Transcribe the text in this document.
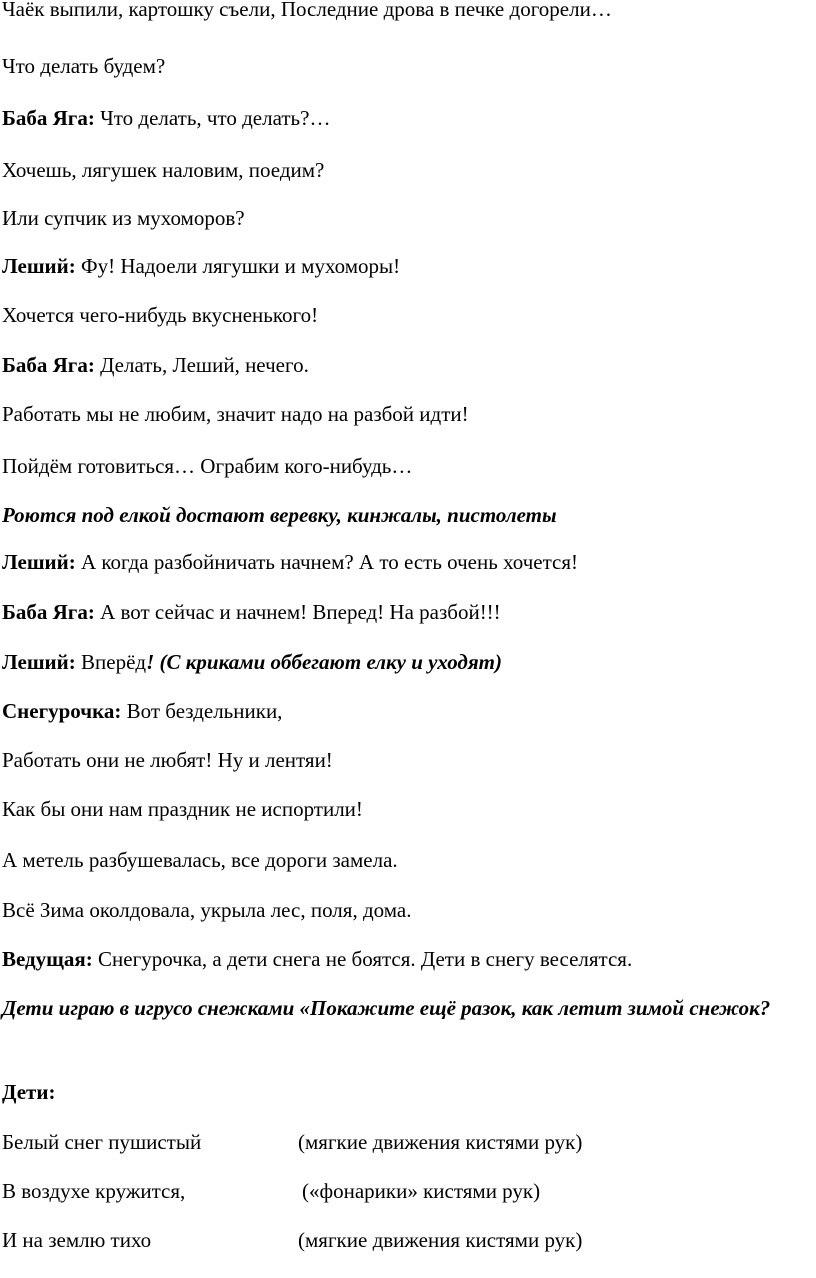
Чаёк выпили, картошку съели, Последние дрова в печке догорели…
Что делать будем?
Баба Яга: Что делать, что делать?…
Хочешь, лягушек наловим, поедим?
Или супчик из мухоморов?
Леший: Фу! Надоели лягушки и мухоморы!
Хочется чего-нибудь вкусненького!
Баба Яга: Делать, Леший, нечего.
Работать мы не любим, значит надо на разбой идти!
Пойдём готовиться… Ограбим кого-нибудь…
Роются под елкой достают веревку, кинжалы, пистолеты
Леший: А когда разбойничать начнем? А то есть очень хочется!
Баба Яга: А вот сейчас и начнем! Вперед! На разбой!!!
Леший: Вперёд! (С криками оббегают елку и уходят)
Снегурочка: Вот бездельники,
Работать они не любят! Ну и лентяи!
Как бы они нам праздник не испортили!
А метель разбушевалась, все дороги замела.
Всё Зима околдовала, укрыла лес, поля, дома.
Ведущая: Снегурочка, а дети снега не боятся. Дети в снегу веселятся.
Дети играю в игрусо снежками «Покажите ещё разок, как летит зимой снежок?
Дети:
Белый снег пушистый	(мягкие движения кистями рук)
В воздухе кружится,	(«фонарики» кистями рук)
И на землю тихо	(мягкие движения кистями рук)
